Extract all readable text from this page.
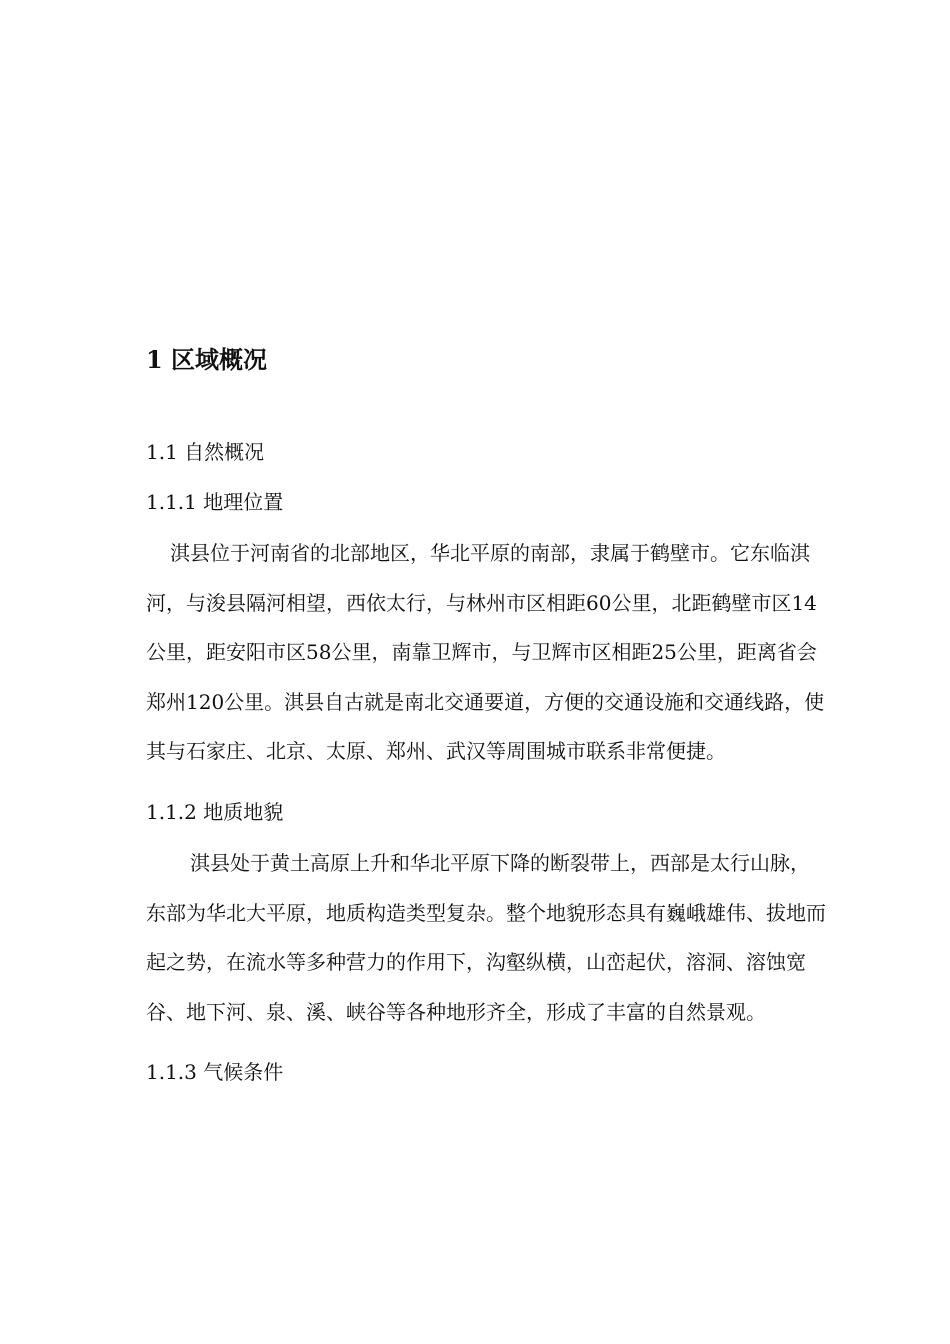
1 区域概况
1.1 自然概况
1.1.1 地理位置

淇县位于河南省的北部地区，华北平原的南部，隶属于鹤壁市。它东临淇河，与浚县隔河相望，西依太行，与林州市区相距60公里，北距鹤壁市区14公里，距安阳市区58公里，南靠卫辉市，与卫辉市区相距25公里，距离省会郑州120公里。淇县自古就是南北交通要道，方便的交通设施和交通线路，使其与石家庄、北京、太原、郑州、武汉等周围城市联系非常便捷。

1.1.2 地质地貌

淇县处于黄土高原上升和华北平原下降的断裂带上，西部是太行山脉，东部为华北大平原，地质构造类型复杂。整个地貌形态具有巍峨雄伟、拔地而起之势，在流水等多种营力的作用下，沟壑纵横，山峦起伏，溶洞、溶蚀宽谷、地下河、泉、溪、峡谷等各种地形齐全，形成了丰富的自然景观。

1.1.3 气候条件
